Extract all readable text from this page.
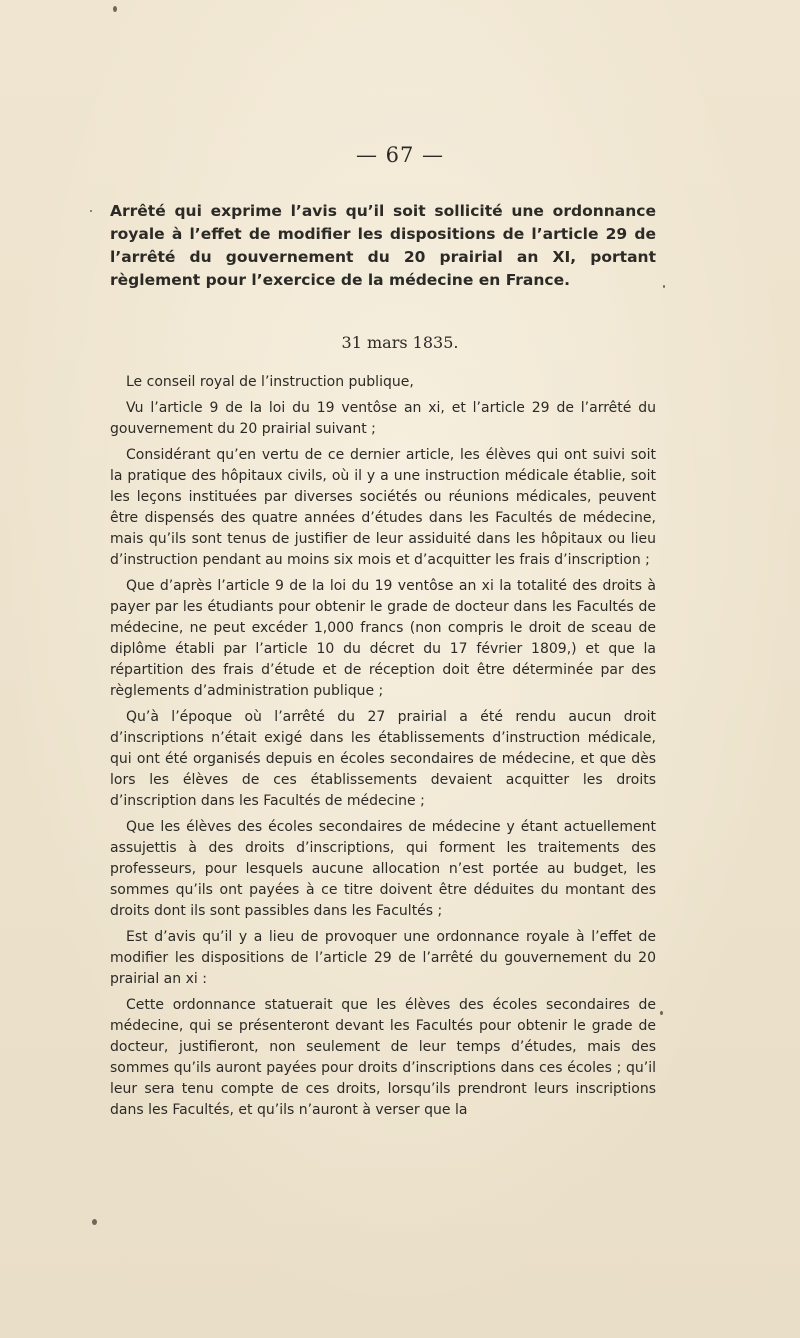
— 67 —
Arrêté qui exprime l’avis qu’il soit sollicité une ordonnance royale à l’effet de modifier les dispositions de l’article 29 de l’arrêté du gouvernement du 20 prairial an XI, portant règlement pour l’exercice de la médecine en France.
31 mars 1835.

Le conseil royal de l’instruction publique,

Vu l’article 9 de la loi du 19 ventôse an xi, et l’article 29 de l’arrêté du gouvernement du 20 prairial suivant ;

Considérant qu’en vertu de ce dernier article, les élèves qui ont suivi soit la pratique des hôpitaux civils, où il y a une instruction médicale établie, soit les leçons instituées par diverses sociétés ou réunions médicales, peuvent être dispensés des quatre années d’études dans les Facultés de médecine, mais qu’ils sont tenus de justifier de leur assiduité dans les hôpitaux ou lieu d’instruction pendant au moins six mois et d’acquitter les frais d’inscription ;

Que d’après l’article 9 de la loi du 19 ventôse an xi la totalité des droits à payer par les étudiants pour obtenir le grade de docteur dans les Facultés de médecine, ne peut excéder 1,000 francs (non compris le droit de sceau de diplôme établi par l’article 10 du décret du 17 février 1809,) et que la répartition des frais d’étude et de réception doit être déterminée par des règlements d’administration publique ;

Qu’à l’époque où l’arrêté du 27 prairial a été rendu aucun droit d’inscriptions n’était exigé dans les établissements d’instruction médicale, qui ont été organisés depuis en écoles secondaires de médecine, et que dès lors les élèves de ces établissements devaient acquitter les droits d’inscription dans les Facultés de médecine ;

Que les élèves des écoles secondaires de médecine y étant actuellement assujettis à des droits d’inscriptions, qui forment les traitements des professeurs, pour lesquels aucune allocation n’est portée au budget, les sommes qu’ils ont payées à ce titre doivent être déduites du montant des droits dont ils sont passibles dans les Facultés ;

Est d’avis qu’il y a lieu de provoquer une ordonnance royale à l’effet de modifier les dispositions de l’article 29 de l’arrêté du gouvernement du 20 prairial an xi :

Cette ordonnance statuerait que les élèves des écoles secondaires de médecine, qui se présenteront devant les Facultés pour obtenir le grade de docteur, justifieront, non seulement de leur temps d’études, mais des sommes qu’ils auront payées pour droits d’inscriptions dans ces écoles ; qu’il leur sera tenu compte de ces droits, lorsqu’ils prendront leurs inscriptions dans les Facultés, et qu’ils n’auront à verser que la
